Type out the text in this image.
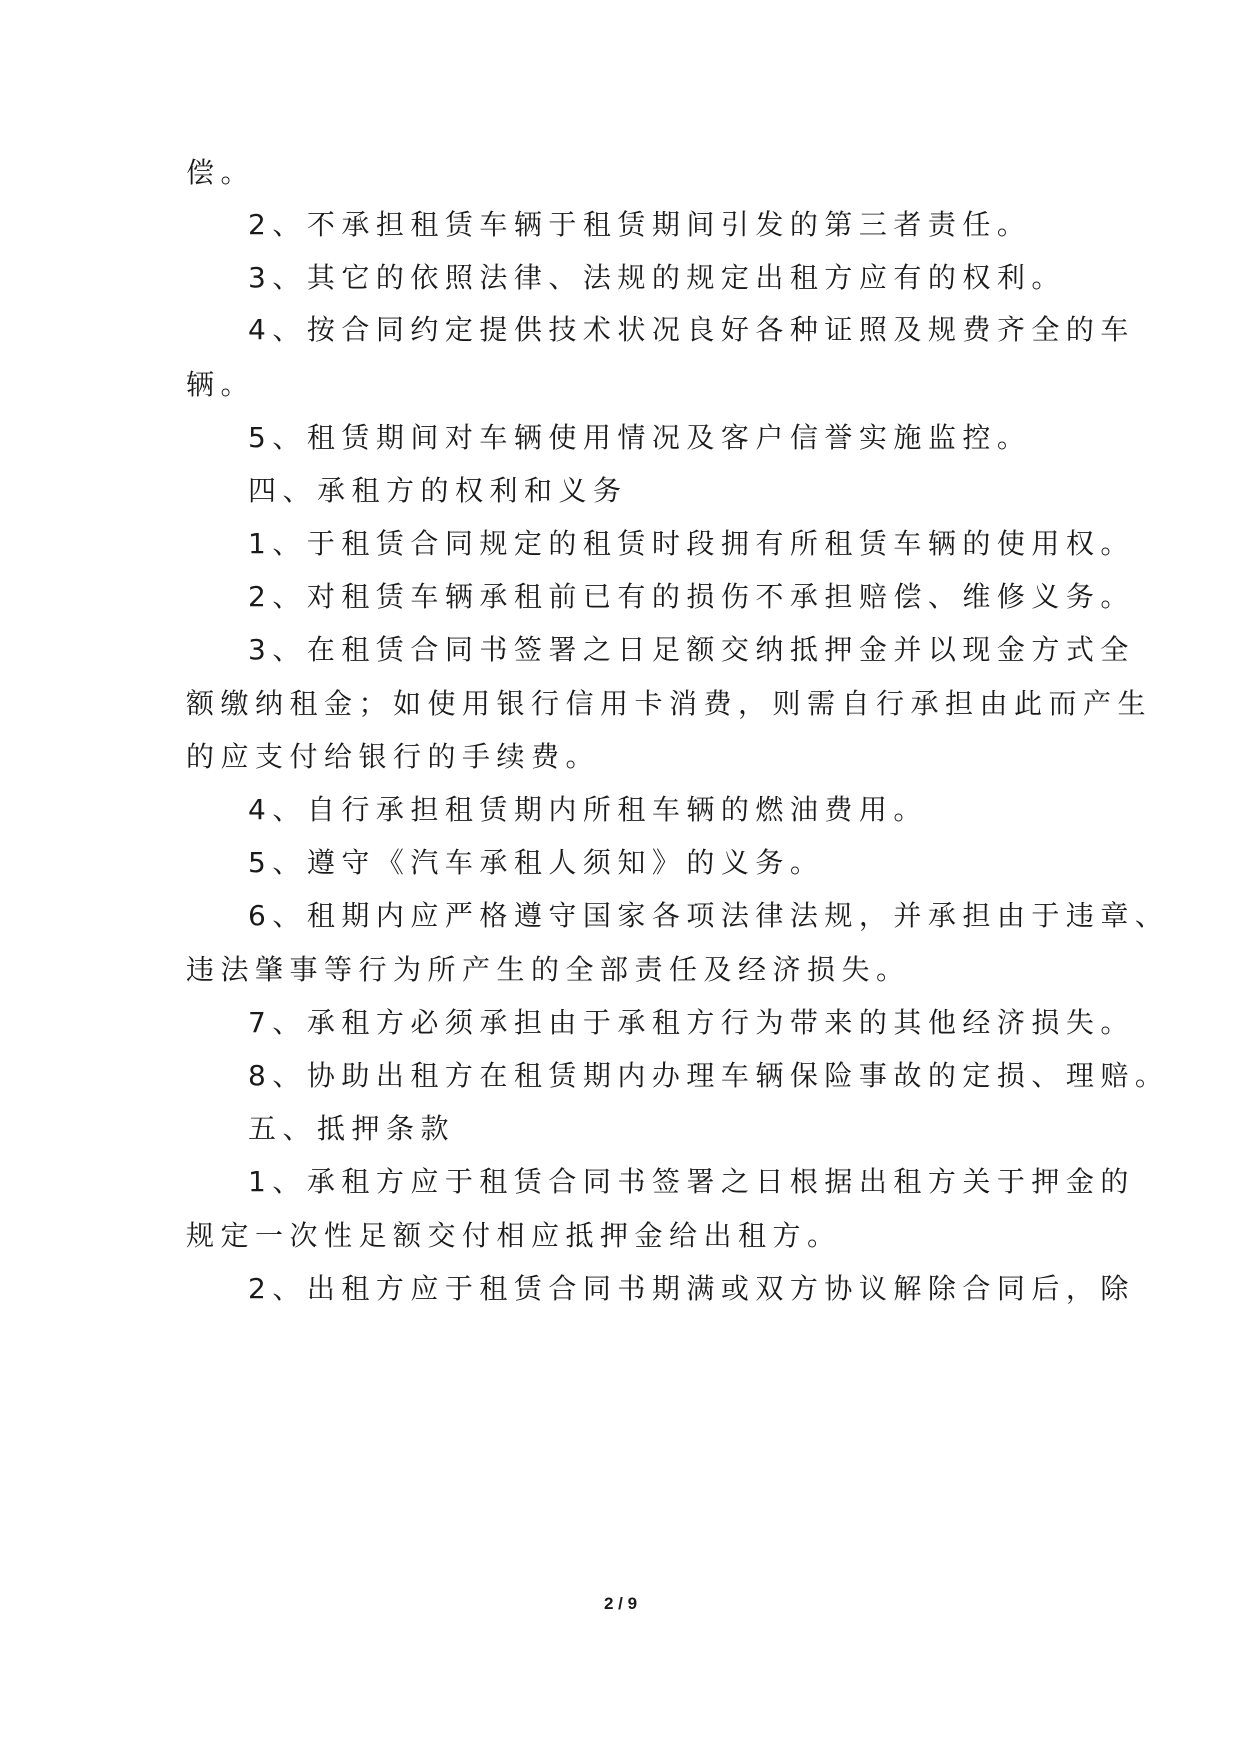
偿。
2、不承担租赁车辆于租赁期间引发的第三者责任。
3、其它的依照法律、法规的规定出租方应有的权利。
4、按合同约定提供技术状况良好各种证照及规费齐全的车
辆。
5、租赁期间对车辆使用情况及客户信誉实施监控。
四、承租方的权利和义务
1、于租赁合同规定的租赁时段拥有所租赁车辆的使用权。
2、对租赁车辆承租前已有的损伤不承担赔偿、维修义务。
3、在租赁合同书签署之日足额交纳抵押金并以现金方式全
额缴纳租金；如使用银行信用卡消费，则需自行承担由此而产生
的应支付给银行的手续费。
4、自行承担租赁期内所租车辆的燃油费用。
5、遵守《汽车承租人须知》的义务。
6、租期内应严格遵守国家各项法律法规，并承担由于违章、
违法肇事等行为所产生的全部责任及经济损失。
7、承租方必须承担由于承租方行为带来的其他经济损失。
8、协助出租方在租赁期内办理车辆保险事故的定损、理赔。
五、抵押条款
1、承租方应于租赁合同书签署之日根据出租方关于押金的
规定一次性足额交付相应抵押金给出租方。
2、出租方应于租赁合同书期满或双方协议解除合同后，除
2 / 9
